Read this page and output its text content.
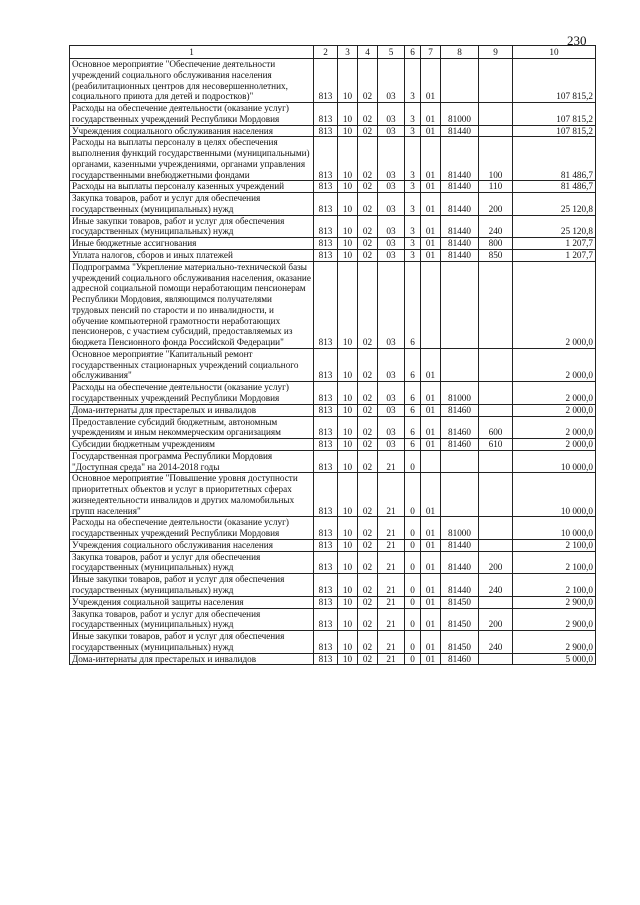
230
1	2	3	4	5	6	7	8	9	10
Основное мероприятие "Обеспечение деятельности учреждений социального обслуживания населения (реабилитационных центров для несовершеннолетних, социального приюта для детей и подростков)"	813	10	02	03	3	01			107 815,2
Расходы на обеспечение деятельности (оказание услуг) государственных учреждений Республики Мордовия	813	10	02	03	3	01	81000		107 815,2
Учреждения социального обслуживания населения	813	10	02	03	3	01	81440		107 815,2
Расходы на выплаты персоналу в целях обеспечения выполнения функций государственными (муниципальными) органами, казенными учреждениями, органами управления государственными внебюджетными фондами	813	10	02	03	3	01	81440	100	81 486,7
Расходы на выплаты персоналу казенных учреждений	813	10	02	03	3	01	81440	110	81 486,7
Закупка товаров, работ и услуг для обеспечения государственных (муниципальных) нужд	813	10	02	03	3	01	81440	200	25 120,8
Иные закупки товаров, работ и услуг для обеспечения государственных (муниципальных) нужд	813	10	02	03	3	01	81440	240	25 120,8
Иные бюджетные ассигнования	813	10	02	03	3	01	81440	800	1 207,7
Уплата налогов, сборов и иных платежей	813	10	02	03	3	01	81440	850	1 207,7
Подпрограмма "Укрепление материально-технической базы учреждений социального обслуживания населения, оказание адресной социальной помощи неработающим пенсионерам Республики Мордовия, являющимся получателями трудовых пенсий по старости и по инвалидности, и обучение компьютерной грамотности неработающих пенсионеров, с участием субсидий, предоставляемых из бюджета Пенсионного фонда Российской Федерации"	813	10	02	03	6				2 000,0
Основное мероприятие "Капитальный ремонт государственных стационарных учреждений социального обслуживания"	813	10	02	03	6	01			2 000,0
Расходы на обеспечение деятельности (оказание услуг) государственных учреждений Республики Мордовия	813	10	02	03	6	01	81000		2 000,0
Дома-интернаты для престарелых и инвалидов	813	10	02	03	6	01	81460		2 000,0
Предоставление субсидий бюджетным, автономным учреждениям и иным некоммерческим организациям	813	10	02	03	6	01	81460	600	2 000,0
Субсидии бюджетным учреждениям	813	10	02	03	6	01	81460	610	2 000,0
Государственная программа Республики Мордовия "Доступная среда" на 2014-2018 годы	813	10	02	21	0				10 000,0
Основное мероприятие "Повышение уровня доступности приоритетных объектов и услуг в приоритетных сферах жизнедеятельности инвалидов и других маломобильных групп населения"	813	10	02	21	0	01			10 000,0
Расходы на обеспечение деятельности (оказание услуг) государственных учреждений Республики Мордовия	813	10	02	21	0	01	81000		10 000,0
Учреждения социального обслуживания населения	813	10	02	21	0	01	81440		2 100,0
Закупка товаров, работ и услуг для обеспечения государственных (муниципальных) нужд	813	10	02	21	0	01	81440	200	2 100,0
Иные закупки товаров, работ и услуг для обеспечения государственных (муниципальных) нужд	813	10	02	21	0	01	81440	240	2 100,0
Учреждения социальной защиты населения	813	10	02	21	0	01	81450		2 900,0
Закупка товаров, работ и услуг для обеспечения государственных (муниципальных) нужд	813	10	02	21	0	01	81450	200	2 900,0
Иные закупки товаров, работ и услуг для обеспечения государственных (муниципальных) нужд	813	10	02	21	0	01	81450	240	2 900,0
Дома-интернаты для престарелых и инвалидов	813	10	02	21	0	01	81460		5 000,0
